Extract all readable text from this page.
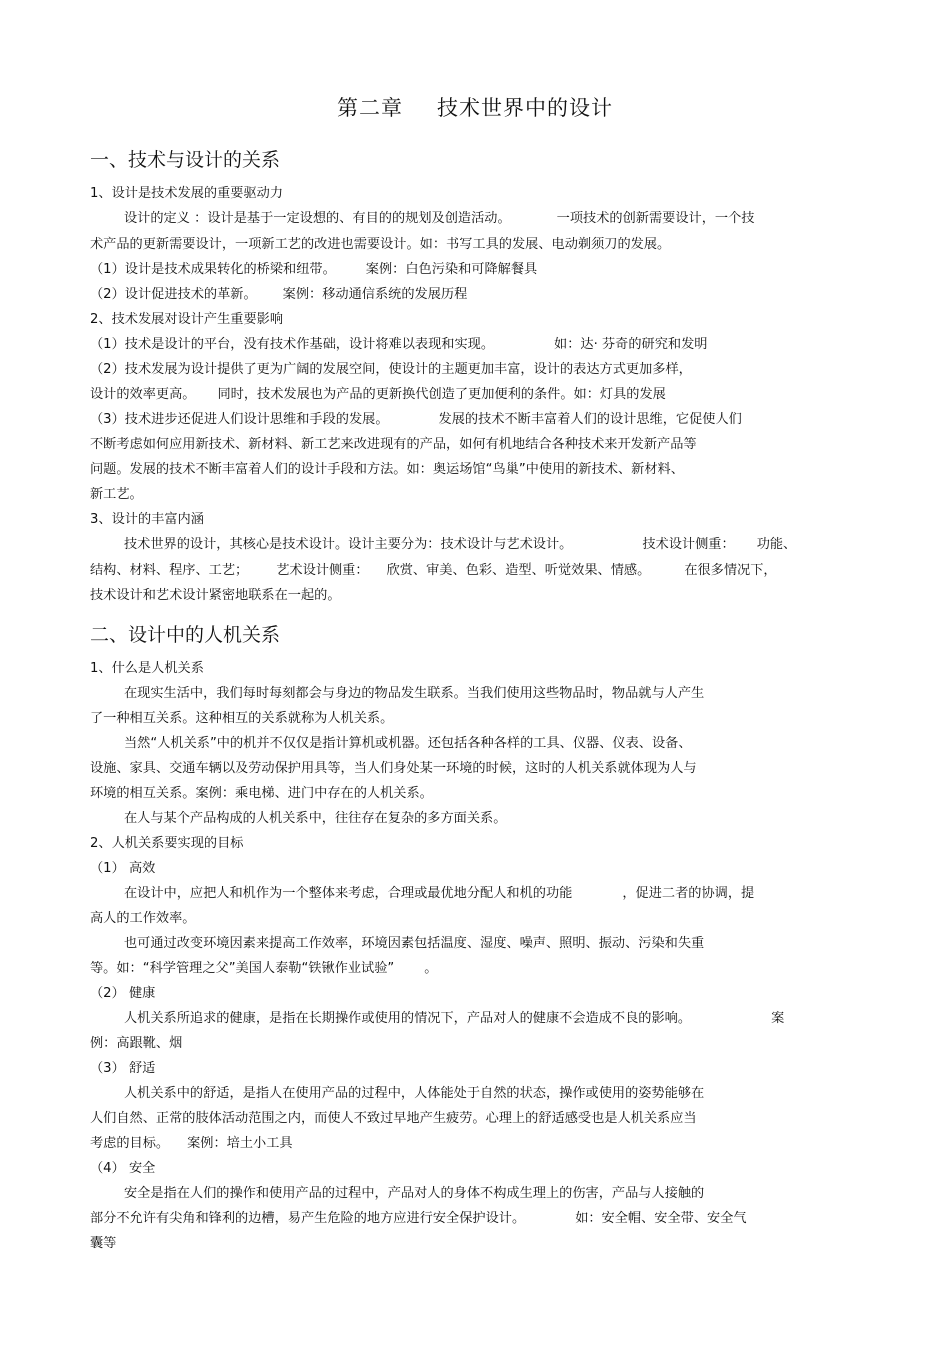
第二章 技术世界中的设计
一、技术与设计的关系
1、设计是技术发展的重要驱动力
设计的定义 ：设计是基于一定设想的、有目的的规划及创造活动。	一项技术的创新需要设计，一个技
术产品的更新需要设计，一项新工艺的改进也需要设计。如：书写工具的发展、电动剃须刀的发展。
（1）设计是技术成果转化的桥梁和纽带。 案例：白色污染和可降解餐具
（2）设计促进技术的革新。 案例：移动通信系统的发展历程
2、技术发展对设计产生重要影响
（1）技术是设计的平台，没有技术作基础，设计将难以表现和实现。	如：达· 芬奇的研究和发明
（2）技术发展为设计提供了更为广阔的发展空间，使设计的主题更加丰富，设计的表达方式更加多样，
设计的效率更高。 同时，技术发展也为产品的更新换代创造了更加便利的条件。如：灯具的发展
（3）技术进步还促进人们设计思维和手段的发展。	发展的技术不断丰富着人们的设计思维，它促使人们
不断考虑如何应用新技术、新材料、新工艺来改进现有的产品，如何有机地结合各种技术来开发新产品等
问题。发展的技术不断丰富着人们的设计手段和方法。如：奥运场馆“鸟巢”中使用的新技术、新材料、
新工艺。
3、设计的丰富内涵
技术世界的设计，其核心是技术设计。设计主要分为：技术设计与艺术设计。	技术设计侧重： 功能、
结构、材料、程序、工艺； 艺术设计侧重： 欣赏、审美、色彩、造型、听觉效果、情感。	在很多情况下，
技术设计和艺术设计紧密地联系在一起的。
二、设计中的人机关系
1、什么是人机关系
在现实生活中，我们每时每刻都会与身边的物品发生联系。当我们使用这些物品时，物品就与人产生
了一种相互关系。这种相互的关系就称为人机关系。
当然“人机关系”中的机并不仅仅是指计算机或机器。还包括各种各样的工具、仪器、仪表、设备、
设施、家具、交通车辆以及劳动保护用具等，当人们身处某一环境的时候，这时的人机关系就体现为人与
环境的相互关系。案例：乘电梯、进门中存在的人机关系。
在人与某个产品构成的人机关系中，往往存在复杂的多方面关系。
2、人机关系要实现的目标
（1） 高效
在设计中，应把人和机作为一个整体来考虑，合理或最优地分配人和机的功能	，促进二者的协调，提
高人的工作效率。
也可通过改变环境因素来提高工作效率，环境因素包括温度、湿度、噪声、照明、振动、污染和失重
等。如：“科学管理之父”美国人泰勒“铁锹作业试验” 。
（2） 健康
人机关系所追求的健康，是指在长期操作或使用的情况下，产品对人的健康不会造成不良的影响。	案
例：高跟靴、烟
（3） 舒适
人机关系中的舒适，是指人在使用产品的过程中，人体能处于自然的状态，操作或使用的姿势能够在
人们自然、正常的肢体活动范围之内，而使人不致过早地产生疲劳。心理上的舒适感受也是人机关系应当
考虑的目标。 案例：培土小工具
（4） 安全
安全是指在人们的操作和使用产品的过程中，产品对人的身体不构成生理上的伤害，产品与人接触的
部分不允许有尖角和锋利的边槽，易产生危险的地方应进行安全保护设计。	如：安全帽、安全带、安全气
囊等
